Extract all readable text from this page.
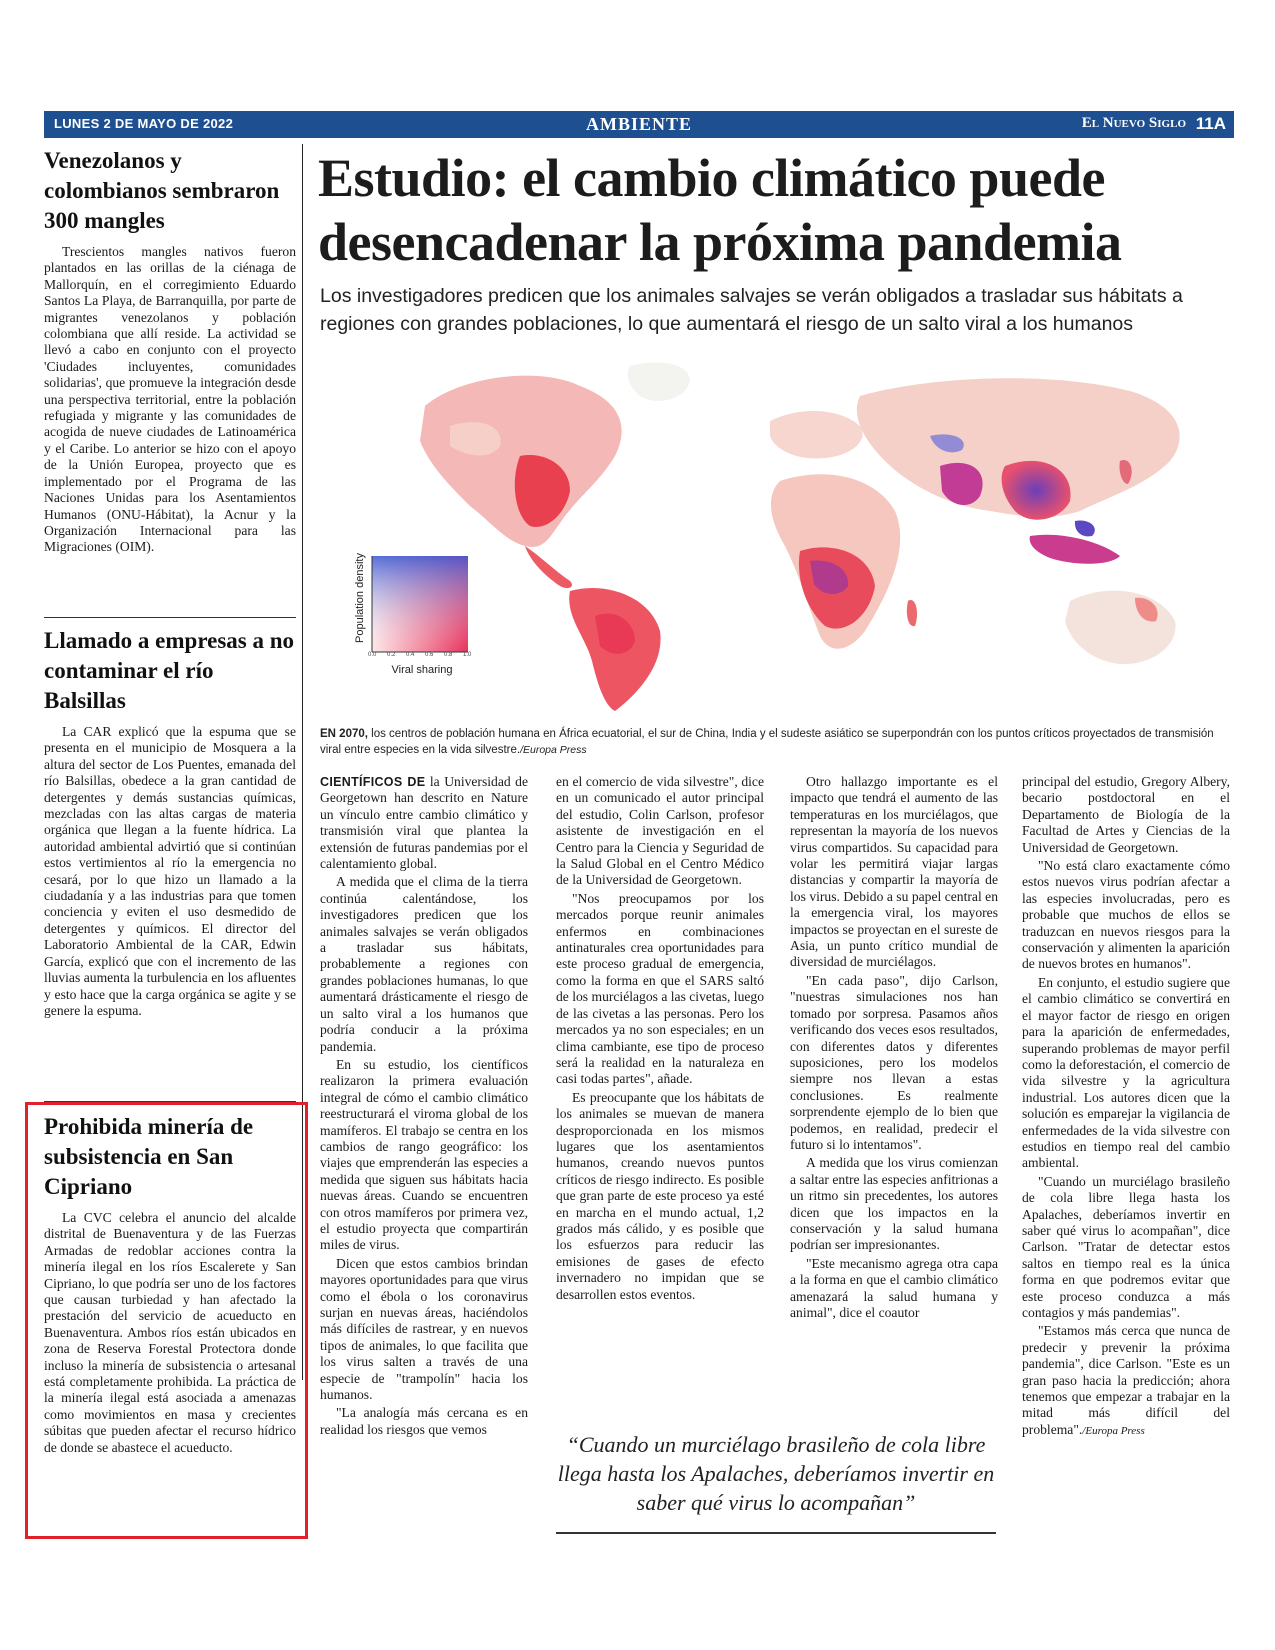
LUNES 2 DE MAYO DE 2022	AMBIENTE	El Nuevo Siglo 11A
Venezolanos y colombianos sembraron 300 mangles

Trescientos mangles nativos fueron plantados en las orillas de la ciénaga de Mallorquín, en el corregimiento Eduardo Santos La Playa, de Barranquilla, por parte de migrantes venezolanos y población colombiana que allí reside. La actividad se llevó a cabo en conjunto con el proyecto 'Ciudades incluyentes, comunidades solidarias', que promueve la integración desde una perspectiva territorial, entre la población refugiada y migrante y las comunidades de acogida de nueve ciudades de Latinoamérica y el Caribe. Lo anterior se hizo con el apoyo de la Unión Europea, proyecto que es implementado por el Programa de las Naciones Unidas para los Asentamientos Humanos (ONU-Hábitat), la Acnur y la Organización Internacional para las Migraciones (OIM).

Llamado a empresas a no contaminar el río Balsillas

La CAR explicó que la espuma que se presenta en el municipio de Mosquera a la altura del sector de Los Puentes, emanada del río Balsillas, obedece a la gran cantidad de detergentes y demás sustancias químicas, mezcladas con las altas cargas de materia orgánica que llegan a la fuente hídrica. La autoridad ambiental advirtió que si continúan estos vertimientos al río la emergencia no cesará, por lo que hizo un llamado a la ciudadanía y a las industrias para que tomen conciencia y eviten el uso desmedido de detergentes y químicos. El director del Laboratorio Ambiental de la CAR, Edwin García, explicó que con el incremento de las lluvias aumenta la turbulencia en los afluentes y esto hace que la carga orgánica se agite y se genere la espuma.

Prohibida minería de subsistencia en San Cipriano

La CVC celebra el anuncio del alcalde distrital de Buenaventura y de las Fuerzas Armadas de redoblar acciones contra la minería ilegal en los ríos Escalerete y San Cipriano, lo que podría ser uno de los factores que causan turbiedad y han afectado la prestación del servicio de acueducto en Buenaventura. Ambos ríos están ubicados en zona de Reserva Forestal Protectora donde incluso la minería de subsistencia o artesanal está completamente prohibida. La práctica de la minería ilegal está asociada a amenazas como movimientos en masa y crecientes súbitas que pueden afectar el recurso hídrico de donde se abastece el acueducto.

Estudio: el cambio climático puede desencadenar la próxima pandemia
Los investigadores predicen que los animales salvajes se verán obligados a trasladar sus hábitats a regiones con grandes poblaciones, lo que aumentará el riesgo de un salto viral a los humanos
Population density
Viral sharing
0.0 0.2 0.4 0.6 0.8 1.0
EN 2070, los centros de población humana en África ecuatorial, el sur de China, India y el sudeste asiático se superpondrán con los puntos críticos proyectados de transmisión viral entre especies en la vida silvestre./Europa Press

CIENTÍFICOS DE la Universidad de Georgetown han descrito en Nature un vínculo entre cambio climático y transmisión viral que plantea la extensión de futuras pandemias por el calentamiento global.

A medida que el clima de la tierra continúa calentándose, los investigadores predicen que los animales salvajes se verán obligados a trasladar sus hábitats, probablemente a regiones con grandes poblaciones humanas, lo que aumentará drásticamente el riesgo de un salto viral a los humanos que podría conducir a la próxima pandemia.

En su estudio, los científicos realizaron la primera evaluación integral de cómo el cambio climático reestructurará el viroma global de los mamíferos. El trabajo se centra en los cambios de rango geográfico: los viajes que emprenderán las especies a medida que siguen sus hábitats hacia nuevas áreas. Cuando se encuentren con otros mamíferos por primera vez, el estudio proyecta que compartirán miles de virus.

Dicen que estos cambios brindan mayores oportunidades para que virus como el ébola o los coronavirus surjan en nuevas áreas, haciéndolos más difíciles de rastrear, y en nuevos tipos de animales, lo que facilita que los virus salten a través de una especie de "trampolín" hacia los humanos.

"La analogía más cercana es en realidad los riesgos que vemos

en el comercio de vida silvestre", dice en un comunicado el autor principal del estudio, Colin Carlson, profesor asistente de investigación en el Centro para la Ciencia y Seguridad de la Salud Global en el Centro Médico de la Universidad de Georgetown.

"Nos preocupamos por los mercados porque reunir animales enfermos en combinaciones antinaturales crea oportunidades para este proceso gradual de emergencia, como la forma en que el SARS saltó de los murciélagos a las civetas, luego de las civetas a las personas. Pero los mercados ya no son especiales; en un clima cambiante, ese tipo de proceso será la realidad en la naturaleza en casi todas partes", añade.

Es preocupante que los hábitats de los animales se muevan de manera desproporcionada en los mismos lugares que los asentamientos humanos, creando nuevos puntos críticos de riesgo indirecto. Es posible que gran parte de este proceso ya esté en marcha en el mundo actual, 1,2 grados más cálido, y es posible que los esfuerzos para reducir las emisiones de gases de efecto invernadero no impidan que se desarrollen estos eventos.

Otro hallazgo importante es el impacto que tendrá el aumento de las temperaturas en los murciélagos, que representan la mayoría de los nuevos virus compartidos. Su capacidad para volar les permitirá viajar largas distancias y compartir la mayoría de los virus. Debido a su papel central en la emergencia viral, los mayores impactos se proyectan en el sureste de Asia, un punto crítico mundial de diversidad de murciélagos.

"En cada paso", dijo Carlson, "nuestras simulaciones nos han tomado por sorpresa. Pasamos años verificando dos veces esos resultados, con diferentes datos y diferentes suposiciones, pero los modelos siempre nos llevan a estas conclusiones. Es realmente sorprendente ejemplo de lo bien que podemos, en realidad, predecir el futuro si lo intentamos".

A medida que los virus comienzan a saltar entre las especies anfitrionas a un ritmo sin precedentes, los autores dicen que los impactos en la conservación y la salud humana podrían ser impresionantes.

"Este mecanismo agrega otra capa a la forma en que el cambio climático amenazará la salud humana y animal", dice el coautor

principal del estudio, Gregory Albery, becario postdoctoral en el Departamento de Biología de la Facultad de Artes y Ciencias de la Universidad de Georgetown.

"No está claro exactamente cómo estos nuevos virus podrían afectar a las especies involucradas, pero es probable que muchos de ellos se traduzcan en nuevos riesgos para la conservación y alimenten la aparición de nuevos brotes en humanos".

En conjunto, el estudio sugiere que el cambio climático se convertirá en el mayor factor de riesgo en origen para la aparición de enfermedades, superando problemas de mayor perfil como la deforestación, el comercio de vida silvestre y la agricultura industrial. Los autores dicen que la solución es emparejar la vigilancia de enfermedades de la vida silvestre con estudios en tiempo real del cambio ambiental.

"Cuando un murciélago brasileño de cola libre llega hasta los Apalaches, deberíamos invertir en saber qué virus lo acompañan", dice Carlson. "Tratar de detectar estos saltos en tiempo real es la única forma en que podremos evitar que este proceso conduzca a más contagios y más pandemias".

"Estamos más cerca que nunca de predecir y prevenir la próxima pandemia", dice Carlson. "Este es un gran paso hacia la predicción; ahora tenemos que empezar a trabajar en la mitad más difícil del problema"./Europa Press

“Cuando un murciélago brasileño de cola libre llega hasta los Apalaches, deberíamos invertir en saber qué virus lo acompañan”
